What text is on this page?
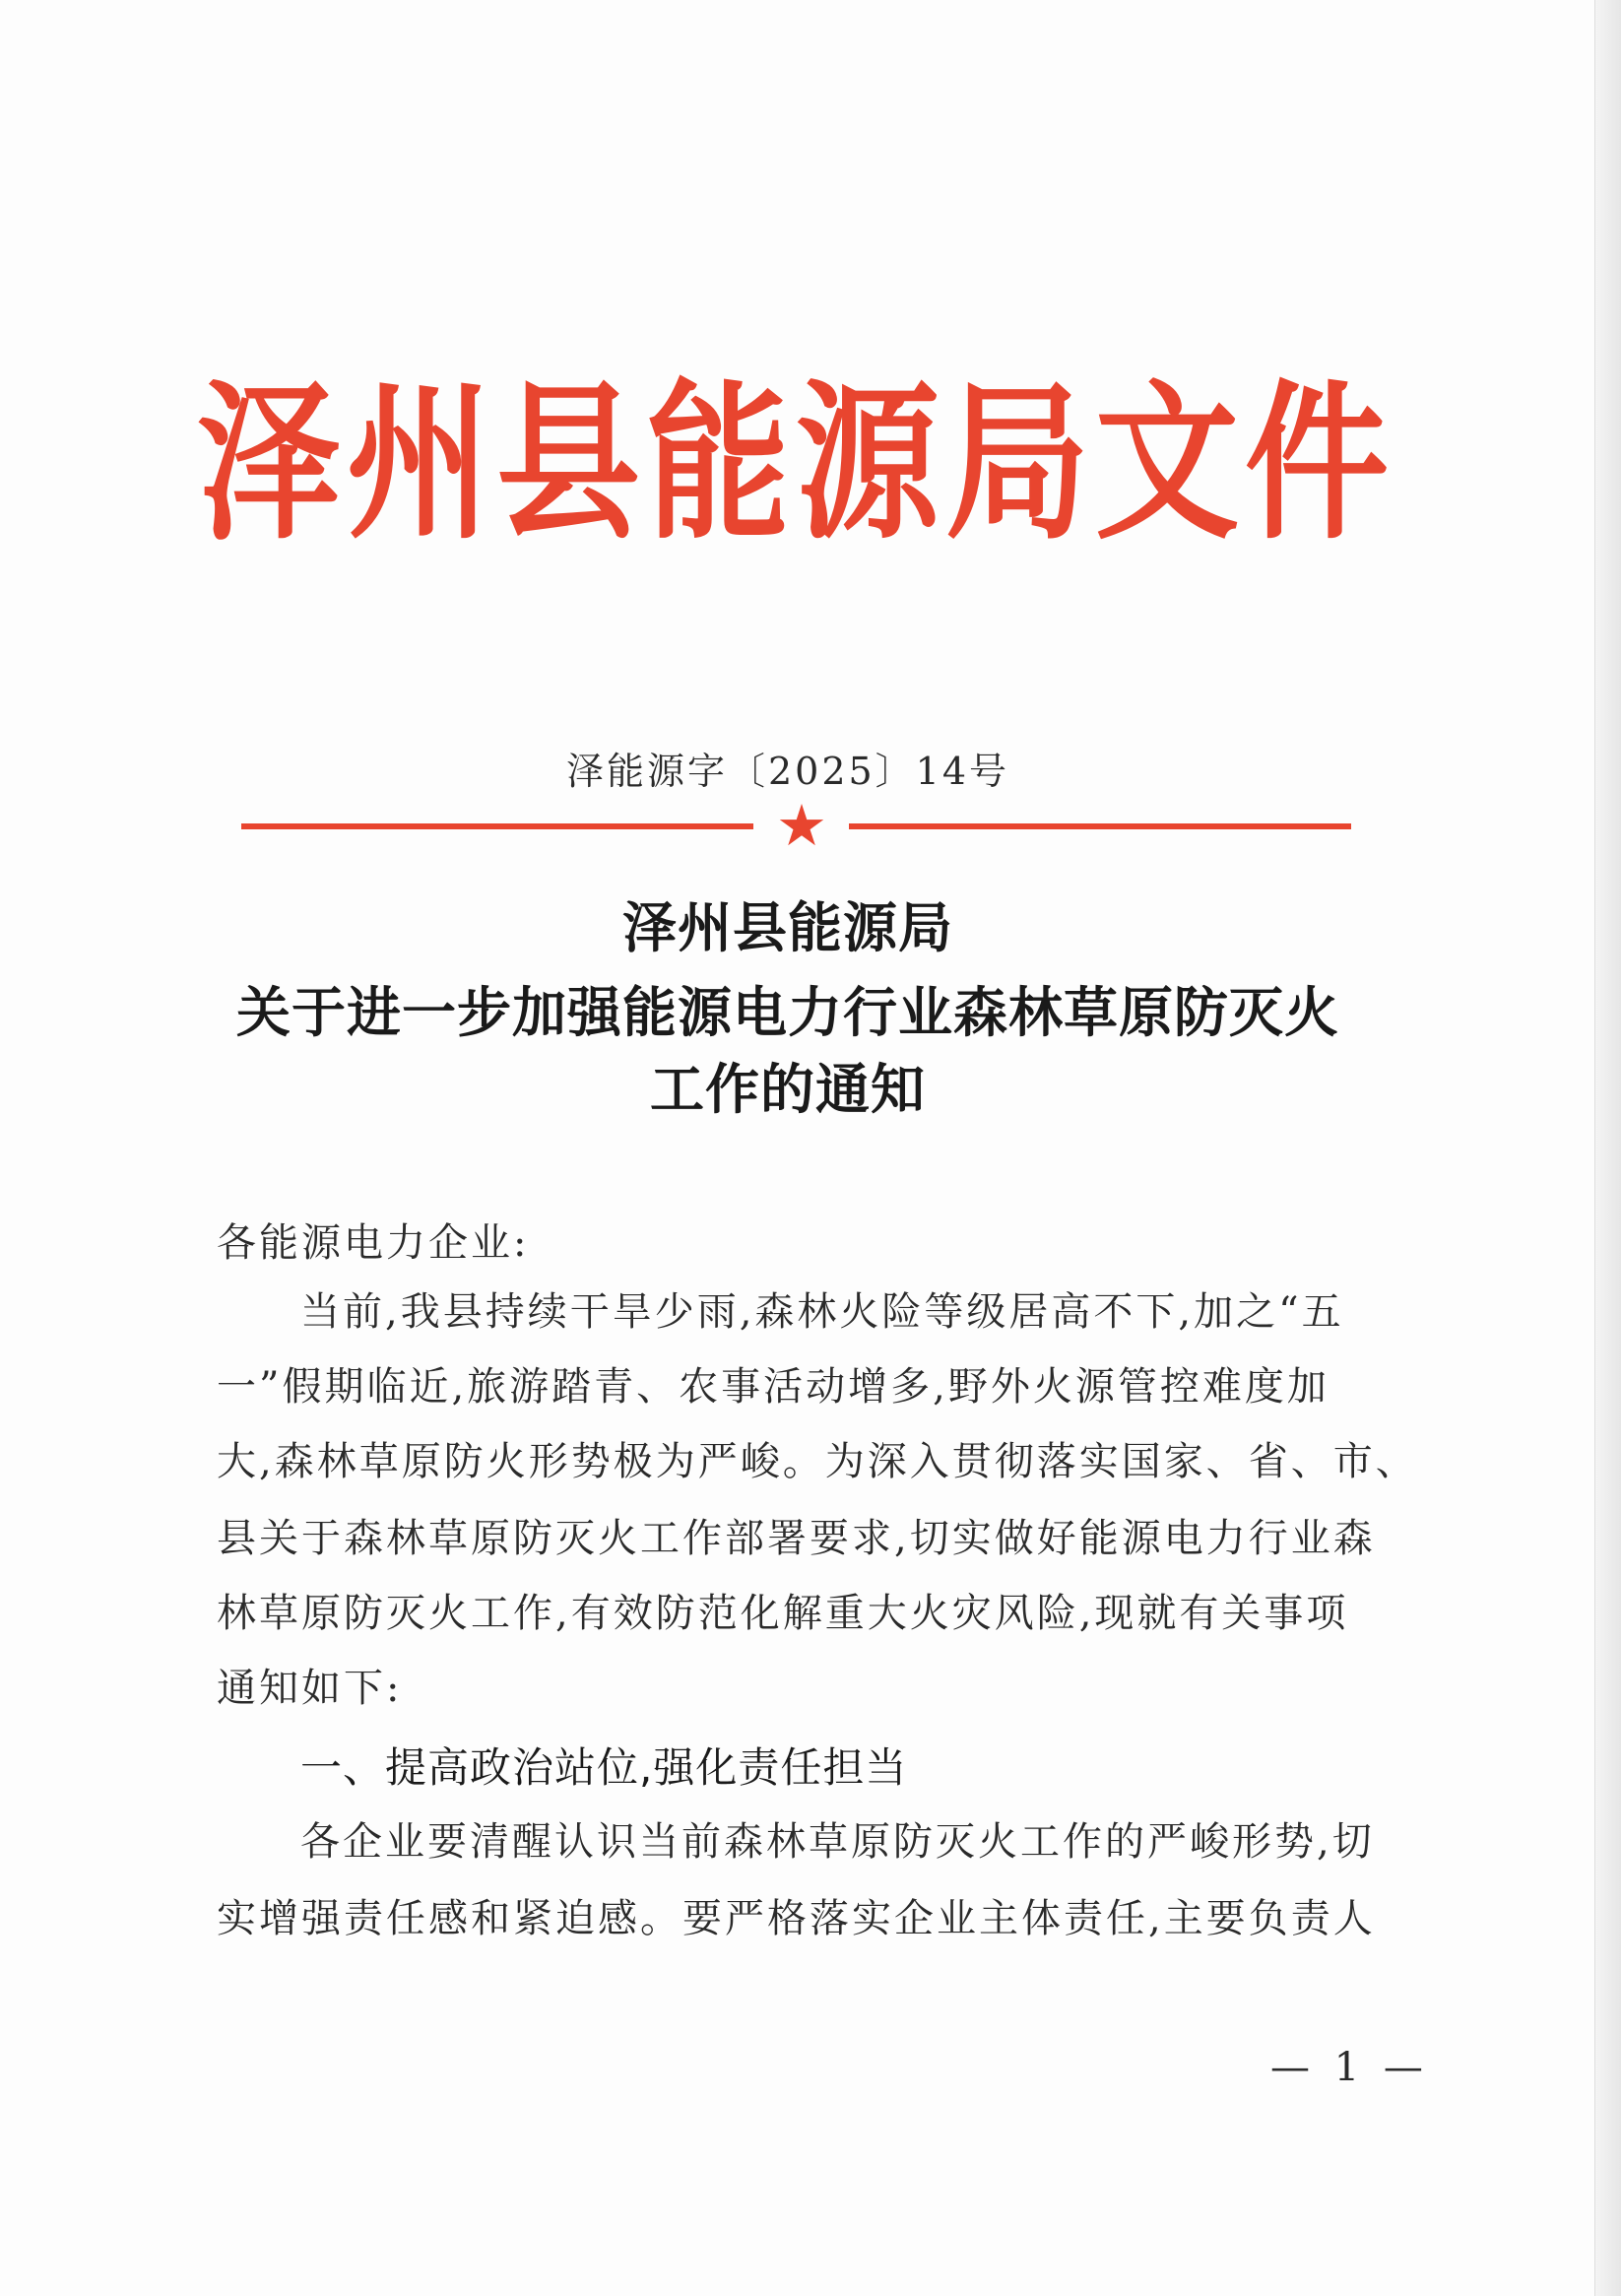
泽州县能源局文件
泽能源字〔2025〕14号
★
泽州县能源局
关于进一步加强能源电力行业森林草原防灭火
工作的通知
各能源电力企业:
当前,我县持续干旱少雨,森林火险等级居高不下,加之“五
一”假期临近,旅游踏青、农事活动增多,野外火源管控难度加
大,森林草原防火形势极为严峻。为深入贯彻落实国家、省、市、
县关于森林草原防灭火工作部署要求,切实做好能源电力行业森
林草原防灭火工作,有效防范化解重大火灾风险,现就有关事项
通知如下:
一、提高政治站位,强化责任担当
各企业要清醒认识当前森林草原防灭火工作的严峻形势,切
实增强责任感和紧迫感。要严格落实企业主体责任,主要负责人
— 1 —
